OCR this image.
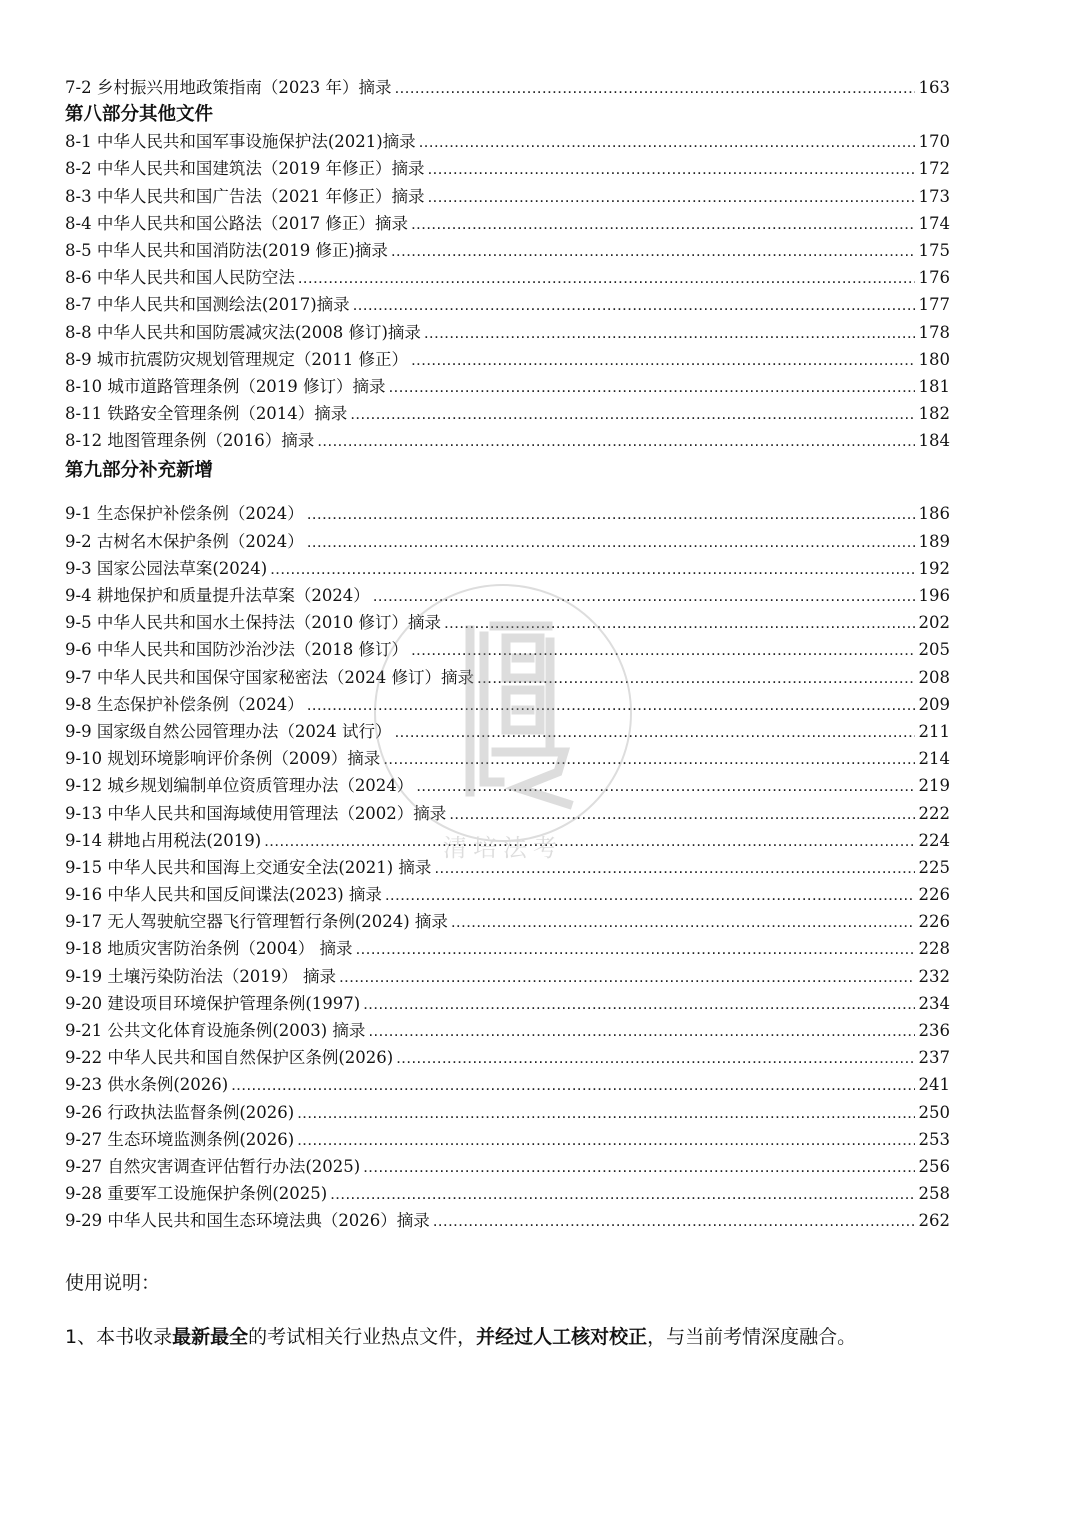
7-2 乡村振兴用地政策指南（2023 年）摘录 .....	163
第八部分其他文件
8-1 中华人民共和国军事设施保护法(2021)摘录 .....	170
8-2 中华人民共和国建筑法（2019 年修正）摘录 .....	172
8-3 中华人民共和国广告法（2021 年修正）摘录 .....	173
8-4 中华人民共和国公路法（2017 修正）摘录 .....	174
8-5 中华人民共和国消防法(2019 修正)摘录 .....	175
8-6 中华人民共和国人民防空法 .....	176
8-7 中华人民共和国测绘法(2017)摘录 .....	177
8-8 中华人民共和国防震减灾法(2008 修订)摘录 .....	178
8-9 城市抗震防灾规划管理规定（2011 修正） .....	180
8-10 城市道路管理条例（2019 修订）摘录 .....	181
8-11 铁路安全管理条例（2014）摘录 .....	182
8-12 地图管理条例（2016）摘录 .....	184
第九部分补充新增
9-1 生态保护补偿条例（2024） .....	186
9-2 古树名木保护条例（2024） .....	189
9-3 国家公园法草案(2024) .....	192
9-4 耕地保护和质量提升法草案（2024） .....	196
9-5 中华人民共和国水土保持法（2010 修订）摘录 .....	202
9-6 中华人民共和国防沙治沙法（2018 修订） .....	205
9-7 中华人民共和国保守国家秘密法（2024 修订）摘录 .....	208
9-8 生态保护补偿条例（2024） .....	209
9-9 国家级自然公园管理办法（2024 试行） .....	211
9-10 规划环境影响评价条例（2009）摘录 .....	214
9-12 城乡规划编制单位资质管理办法（2024） .....	219
9-13 中华人民共和国海域使用管理法（2002）摘录 .....	222
9-14 耕地占用税法(2019) .....	224
9-15 中华人民共和国海上交通安全法(2021) 摘录 .....	225
9-16 中华人民共和国反间谍法(2023) 摘录 .....	226
9-17 无人驾驶航空器飞行管理暂行条例(2024) 摘录 .....	226
9-18 地质灾害防治条例（2004） 摘录 .....	228
9-19 土壤污染防治法（2019） 摘录 .....	232
9-20 建设项目环境保护管理条例(1997) .....	234
9-21 公共文化体育设施条例(2003) 摘录 .....	236
9-22 中华人民共和国自然保护区条例(2026) .....	237
9-23 供水条例(2026) .....	241
9-26 行政执法监督条例(2026) .....	250
9-27 生态环境监测条例(2026) .....	253
9-27 自然灾害调查评估暂行办法(2025) .....	256
9-28 重要军工设施保护条例(2025) .....	258
9-29 中华人民共和国生态环境法典（2026）摘录 .....	262
使用说明：
1、本书收录最新最全的考试相关行业热点文件，并经过人工核对校正，与当前考情深度融合。
清培法考
